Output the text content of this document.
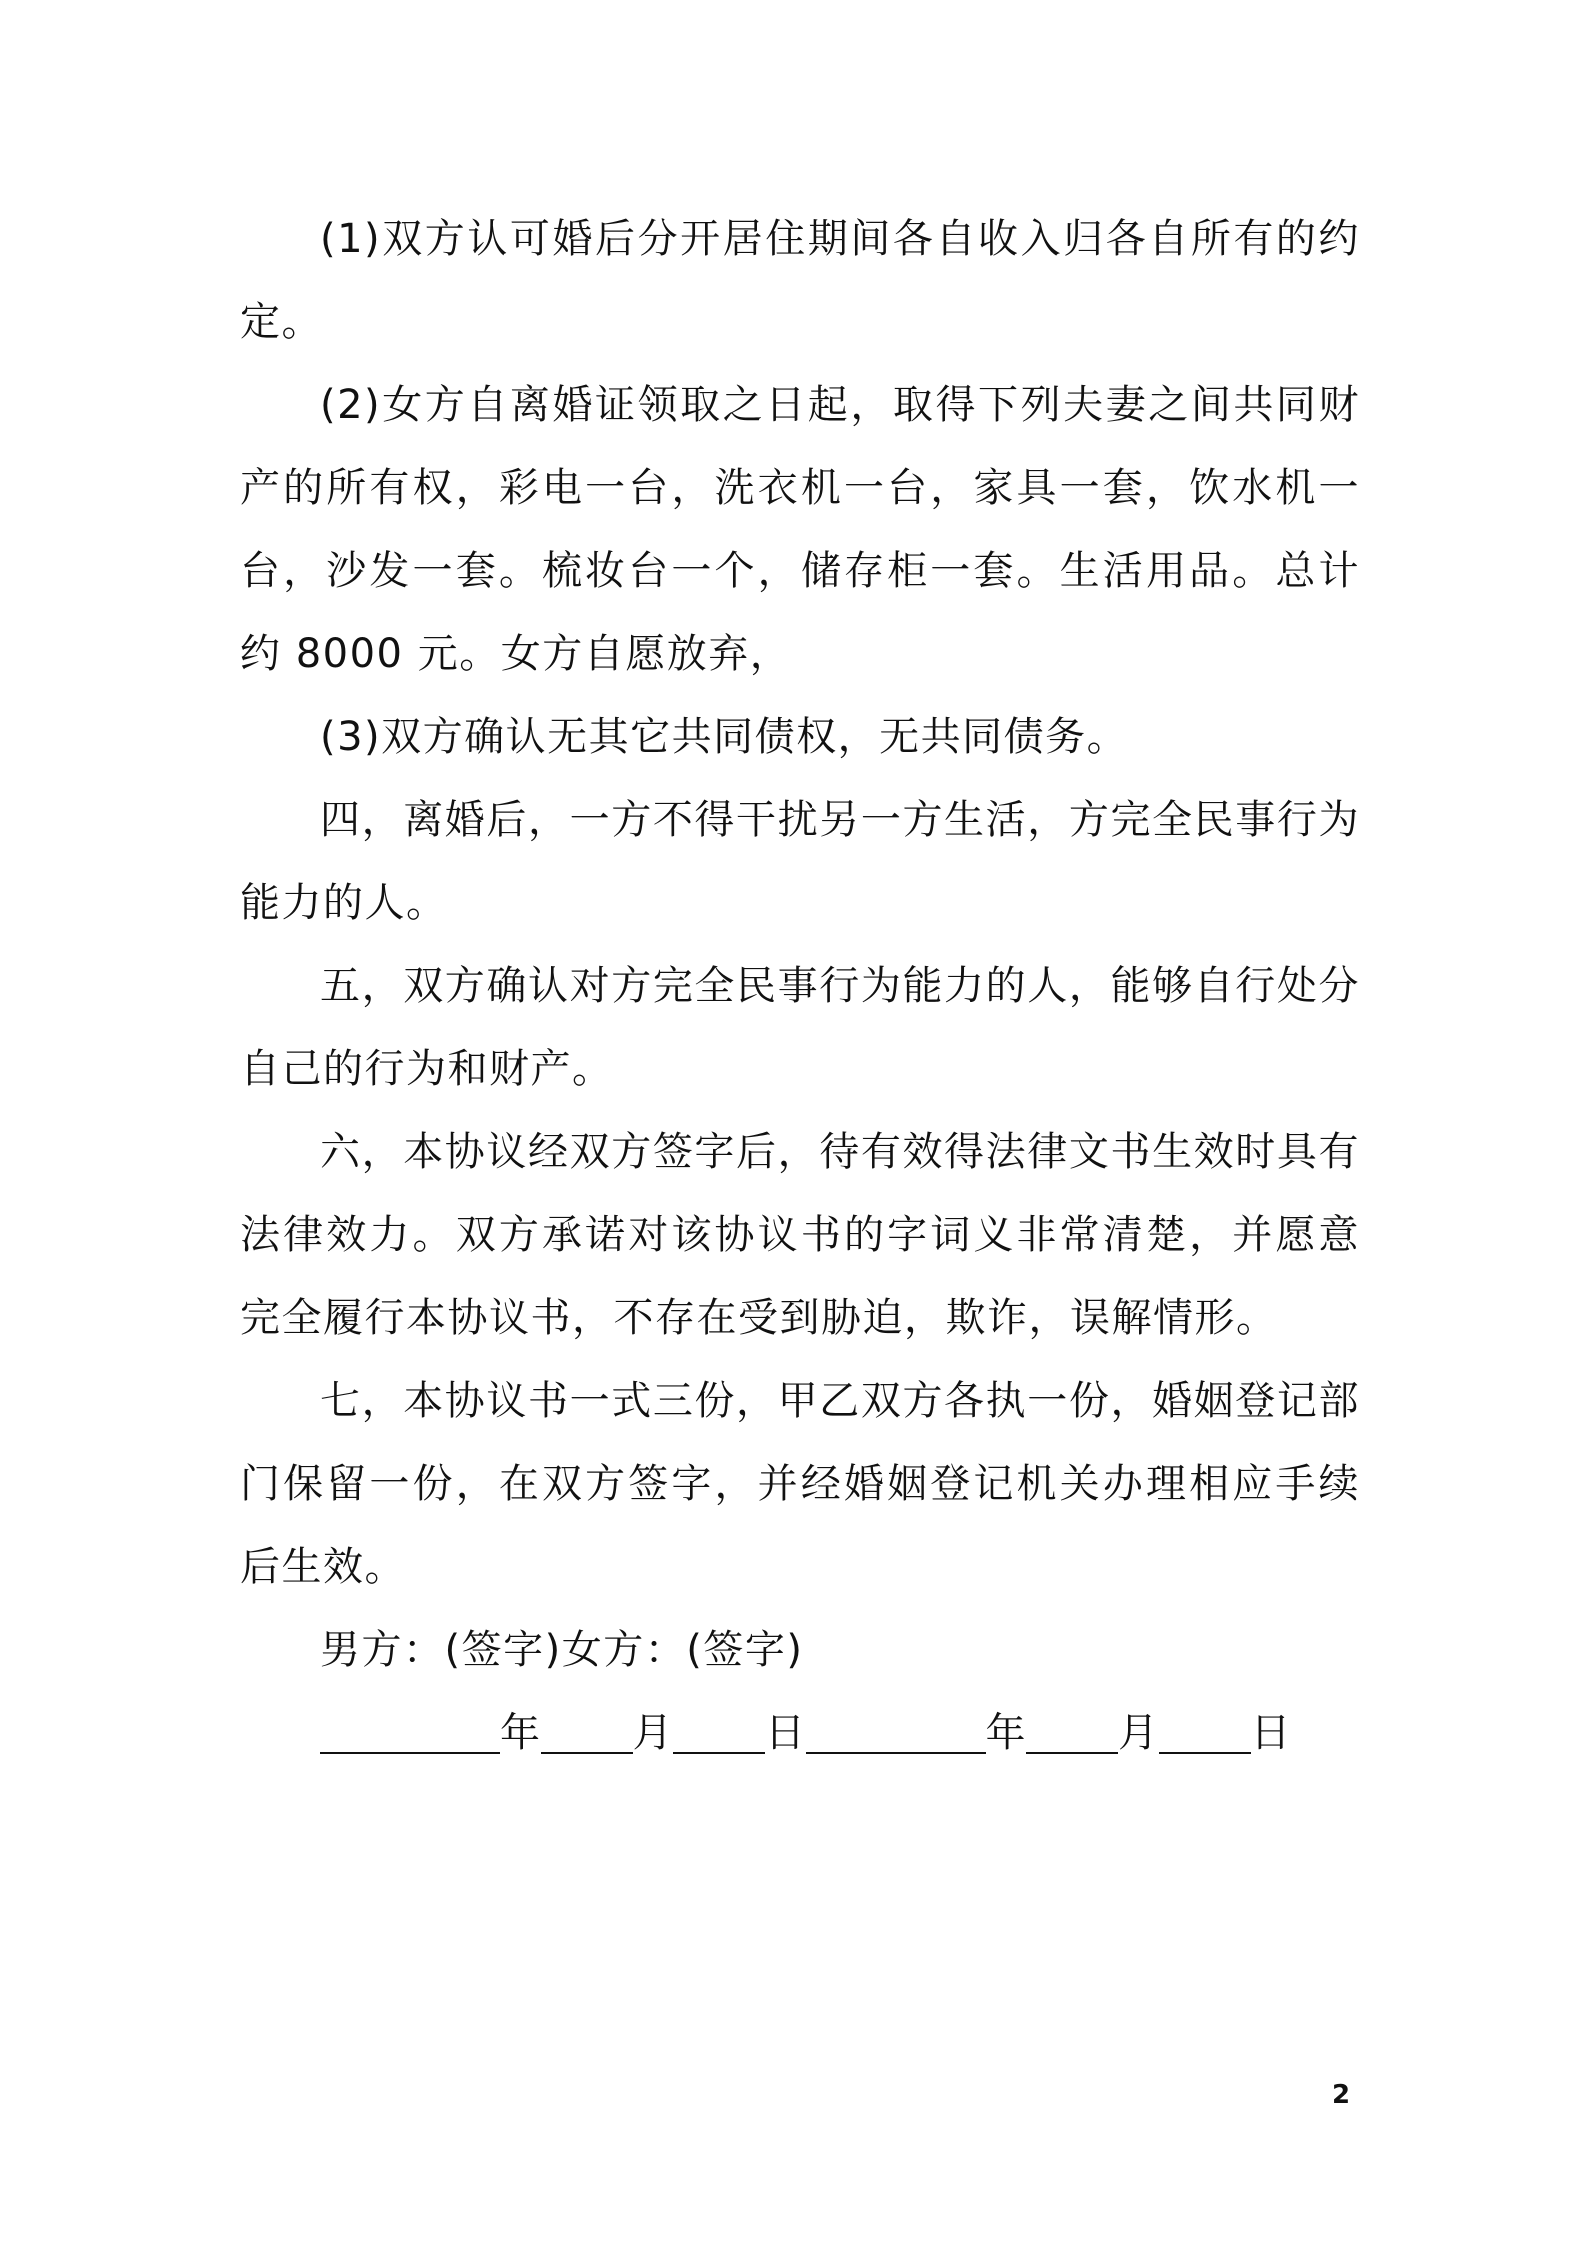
(1)双方认可婚后分开居住期间各自收入归各自所有的约定。

(2)女方自离婚证领取之日起，取得下列夫妻之间共同财产的所有权，彩电一台，洗衣机一台，家具一套，饮水机一台，沙发一套。梳妆台一个，储存柜一套。生活用品。总计约 8000 元。女方自愿放弃，

(3)双方确认无其它共同债权，无共同债务。

四，离婚后，一方不得干扰另一方生活，方完全民事行为能力的人。

五，双方确认对方完全民事行为能力的人，能够自行处分自己的行为和财产。

六，本协议经双方签字后，待有效得法律文书生效时具有法律效力。双方承诺对该协议书的字词义非常清楚，并愿意完全履行本协议书，不存在受到胁迫，欺诈，误解情形。

七，本协议书一式三份，甲乙双方各执一份，婚姻登记部门保留一份，在双方签字，并经婚姻登记机关办理相应手续后生效。

男方：(签字)女方：(签字)

年 月 日	年 月 日

2
